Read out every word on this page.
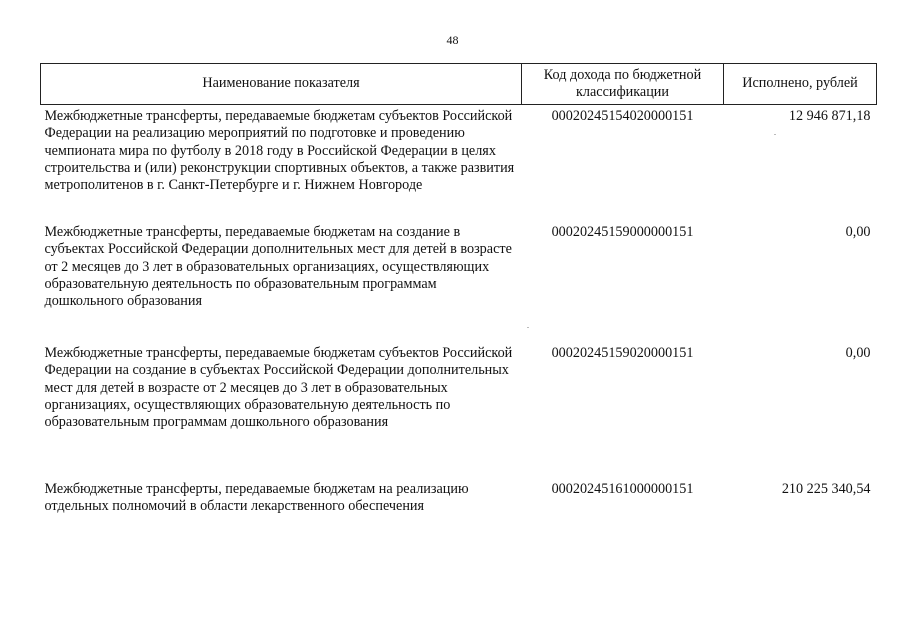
48
Наименование показателя	Код дохода по бюджетной классификации	Исполнено, рублей
Межбюджетные трансферты, передаваемые бюджетам субъектов Российской Федерации на реализацию мероприятий по подготовке и проведению чемпионата мира по футболу в 2018 году в Российской Федерации в целях строительства и (или) реконструкции спортивных объектов, а также развития метрополитенов в г. Санкт-Петербурге и г. Нижнем Новгороде	00020245154020000151	12 946 871,18
Межбюджетные трансферты, передаваемые бюджетам на создание в субъектах Российской Федерации дополнительных мест для детей в возрасте от 2 месяцев до 3 лет в образовательных организациях, осуществляющих образовательную деятельность по образовательным программам дошкольного образования	00020245159000000151	0,00
Межбюджетные трансферты, передаваемые бюджетам субъектов Российской Федерации на создание в субъектах Российской Федерации дополнительных мест для детей в возрасте от 2 месяцев до 3 лет в образовательных организациях, осуществляющих образовательную деятельность по образовательным программам дошкольного образования	00020245159020000151	0,00
Межбюджетные трансферты, передаваемые бюджетам на реализацию отдельных полномочий в области лекарственного обеспечения	00020245161000000151	210 225 340,54
